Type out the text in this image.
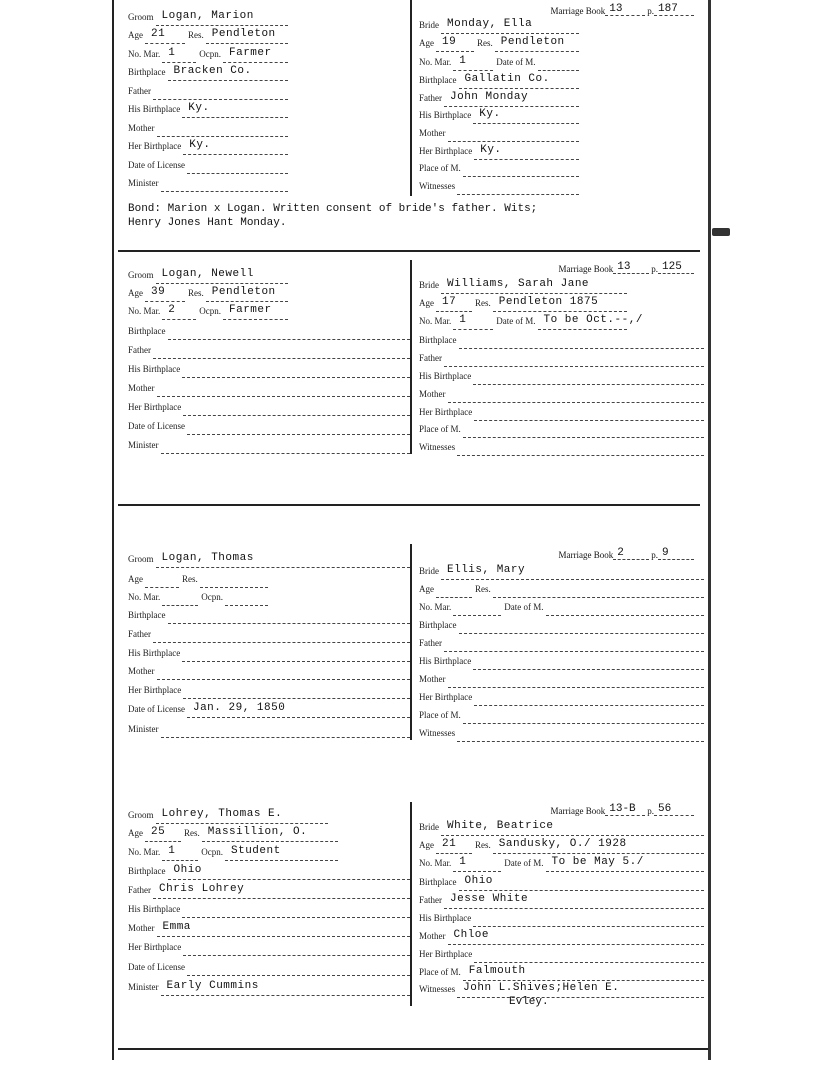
Groom Logan, Marion
Age 21	Res. Pendleton
No. Mar. 1	Ocpn. Farmer
Birthplace Bracken Co.
Father
His Birthplace Ky.
Mother
Her Birthplace Ky.
Date of License
Minister
Marriage Book 13	p. 187
Bride Monday, Ella
Age 19	Res. Pendleton
No. Mar. 1	Date of M.
Birthplace Gallatin Co.
Father John Monday
His Birthplace Ky.
Mother
Her Birthplace Ky.
Place of M.
Witnesses
Bond: Marion x Logan. Written consent of bride's father. Wits;
Henry Jones Hant Monday.
Groom Logan, Newell
Age 39	Res. Pendleton
No. Mar. 2	Ocpn. Farmer
Birthplace
Father
His Birthplace
Mother
Her Birthplace
Date of License
Minister
Marriage Book 13 p. 125
Bride Williams, Sarah Jane
Age 17	Res. Pendleton 1875
No. Mar. 1	Date of M. To be Oct.--,/
Birthplace
Father
His Birthplace
Mother
Her Birthplace
Place of M.
Witnesses
Groom Logan, Thomas
Age	Res.
No. Mar.	Ocpn.
Birthplace
Father
His Birthplace
Mother
Her Birthplace
Date of License Jan. 29, 1850
Minister
Marriage Book 2	p. 9
Bride Ellis, Mary
Age	Res.
No. Mar.	Date of M.
Birthplace
Father
His Birthplace
Mother
Her Birthplace
Place of M.
Witnesses
Groom Lohrey, Thomas E.
Age 25	Res. Massillion, O.
No. Mar. 1	Ocpn. Student
Birthplace Ohio
Father Chris Lohrey
His Birthplace
Mother Emma
Her Birthplace
Date of License
Minister Early Cummins
Marriage Book 13-B p. 56
Bride White, Beatrice
Age 21	Res. Sandusky, O./ 1928
No. Mar. 1	Date of M. To be May 5./
Birthplace Ohio
Father Jesse White
His Birthplace
Mother Chloe
Her Birthplace
Place of M. Falmouth
Witnesses John L.Shives;Helen E.
Evley.
